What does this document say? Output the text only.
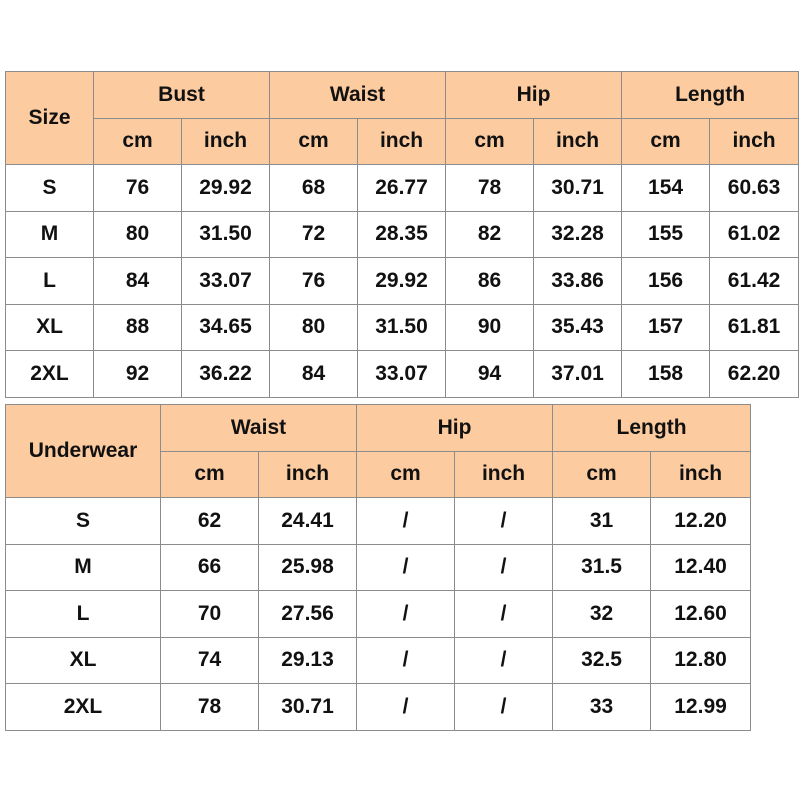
Size	Bust		Waist		Hip		Length	
	cm	inch	cm	inch	cm	inch	cm	inch
S	76	29.92	68	26.77	78	30.71	154	60.63
M	80	31.50	72	28.35	82	32.28	155	61.02
L	84	33.07	76	29.92	86	33.86	156	61.42
XL	88	34.65	80	31.50	90	35.43	157	61.81
2XL	92	36.22	84	33.07	94	37.01	158	62.20
Underwear	Waist		Hip		Length	
	cm	inch	cm	inch	cm	inch
S	62	24.41	/	/	31	12.20
M	66	25.98	/	/	31.5	12.40
L	70	27.56	/	/	32	12.60
XL	74	29.13	/	/	32.5	12.80
2XL	78	30.71	/	/	33	12.99
